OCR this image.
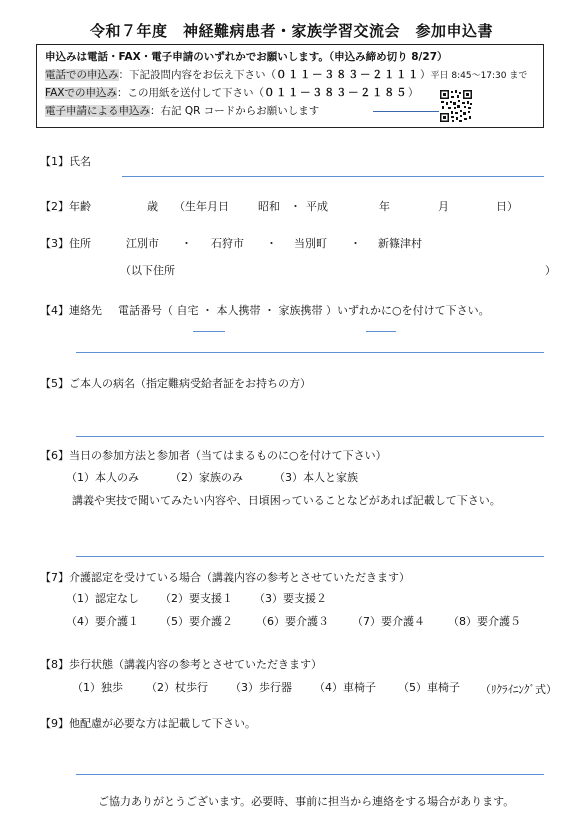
令和７年度　神経難病患者・家族学習交流会　参加申込書
申込みは電話・FAX・電子申請のいずれかでお願いします。（申込み締め切り 8/27）
電話での申込み：下記設問内容をお伝え下さい（０１１－３８３－２１１１）平日 8:45～17:30 まで
FAXでの申込み：この用紙を送付して下さい（０１１－３８３－２１８５）
電子申請による申込み：右記 QR コードからお願いします
【1】氏名
【2】年齢	歳 （生年月日	昭和 ・ 平成	年	月	日）
【3】住所	江別市 ・ 石狩市 ・ 当別町 ・ 新篠津村
（以下住所	）
【4】連絡先 電話番号（ 自宅 ・ 本人携帯 ・ 家族携帯 ）いずれかに○を付けて下さい。
【5】ご本人の病名（指定難病受給者証をお持ちの方）
【6】当日の参加方法と参加者（当てはまるものに○を付けて下さい）
（1）本人のみ	（2）家族のみ	（3）本人と家族
講義や実技で聞いてみたい内容や、日頃困っていることなどがあれば記載して下さい。
【7】介護認定を受けている場合（講義内容の参考とさせていただきます）
（1）認定なし （2）要支援１ （3）要支援２
（4）要介護１ （5）要介護２ （6）要介護３ （7）要介護４ （8）要介護５
【8】歩行状態（講義内容の参考とさせていただきます）
（1）独歩 （2）杖歩行 （3）歩行器 （4）車椅子 （5）車椅子 （ﾘｸﾗｲﾆﾝｸﾞ式）
【9】他配慮が必要な方は記載して下さい。
ご協力ありがとうございます。必要時、事前に担当から連絡をする場合があります。
